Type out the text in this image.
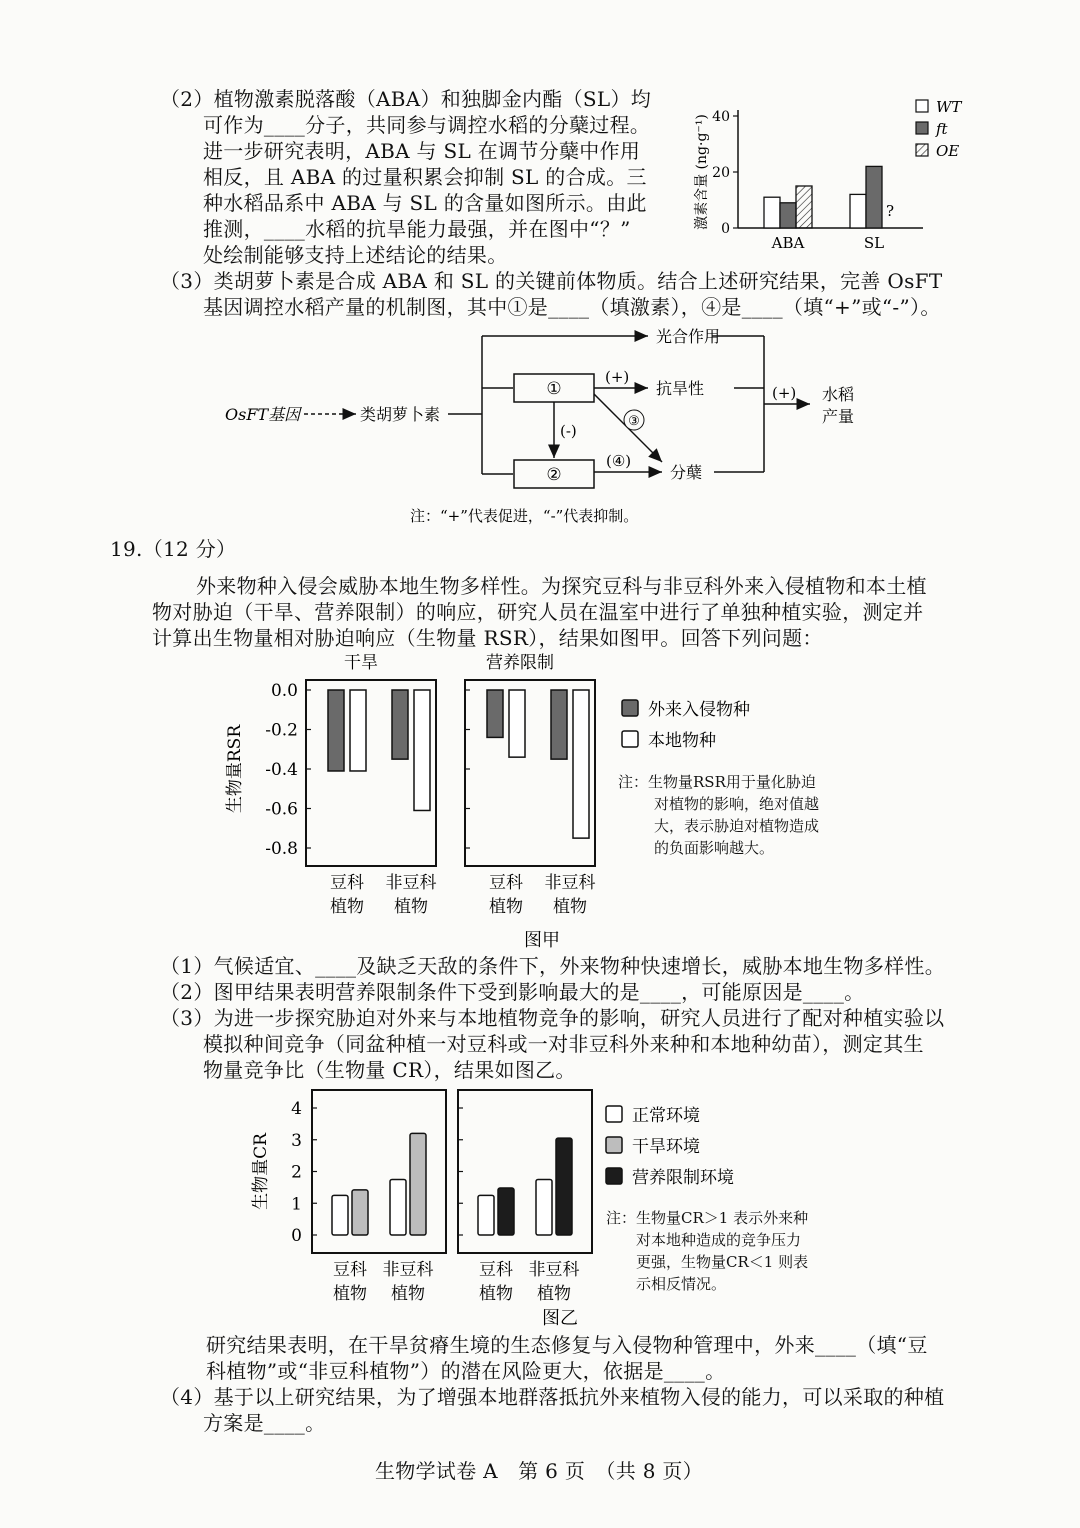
（2）植物激素脱落酸（ABA）和独脚金内酯（SL）均
可作为____分子，共同参与调控水稻的分蘖过程。
进一步研究表明，ABA 与 SL 在调节分蘖中作用
相反，且 ABA 的过量积累会抑制 SL 的合成。三
种水稻品系中 ABA 与 SL 的含量如图所示。由此
推测，____水稻的抗旱能力最强，并在图中“？”
处绘制能够支持上述结论的结果。
0
20
40
激素含量 (ng·g⁻¹)
ABA	SL
?
WT
ft
OE
（3）类胡萝卜素是合成 ABA 和 SL 的关键前体物质。结合上述研究结果，完善 OsFT
基因调控水稻产量的机制图，其中①是____（填激素），④是____（填“+”或“-”）。
OsFT基因	类胡萝卜素
光合作用
①
(+)
抗旱性
(-)
③
②
(④)
分蘖
(+) 水稻
产量
注：“+”代表促进，“-”代表抑制。
19.（12 分）
外来物种入侵会威胁本地生物多样性。为探究豆科与非豆科外来入侵植物和本土植
物对胁迫（干旱、营养限制）的响应，研究人员在温室中进行了单独种植实验，测定并
计算出生物量相对胁迫响应（生物量 RSR），结果如图甲。回答下列问题：
生物量RSR
0.0
-0.2
-0.4
-0.6
-0.8
干旱
豆科
植物
非豆科
植物
营养限制
豆科
植物
非豆科
植物
外来入侵物种
本地物种
图甲
注：生物量RSR用于量化胁迫
对植物的影响，绝对值越
大，表示胁迫对植物造成
的负面影响越大。
（1）气候适宜、____及缺乏天敌的条件下，外来物种快速增长，威胁本地生物多样性。
（2）图甲结果表明营养限制条件下受到影响最大的是____，可能原因是____。
（3）为进一步探究胁迫对外来与本地植物竞争的影响，研究人员进行了配对种植实验以
模拟种间竞争（同盆种植一对豆科或一对非豆科外来种和本地种幼苗），测定其生
物量竞争比（生物量 CR），结果如图乙。
生物量CR
0
1
2
3
4
豆科
植物
非豆科
植物
豆科
植物
非豆科
植物
正常环境
干旱环境
营养限制环境
图乙
注：生物量CR＞1 表示外来种
对本地种造成的竞争压力
更强，生物量CR＜1 则表
示相反情况。
研究结果表明，在干旱贫瘠生境的生态修复与入侵物种管理中，外来____（填“豆
科植物”或“非豆科植物”）的潜在风险更大，依据是____。
（4）基于以上研究结果，为了增强本地群落抵抗外来植物入侵的能力，可以采取的种植
方案是____。
生物学试卷 A　第 6 页　（共 8 页）
